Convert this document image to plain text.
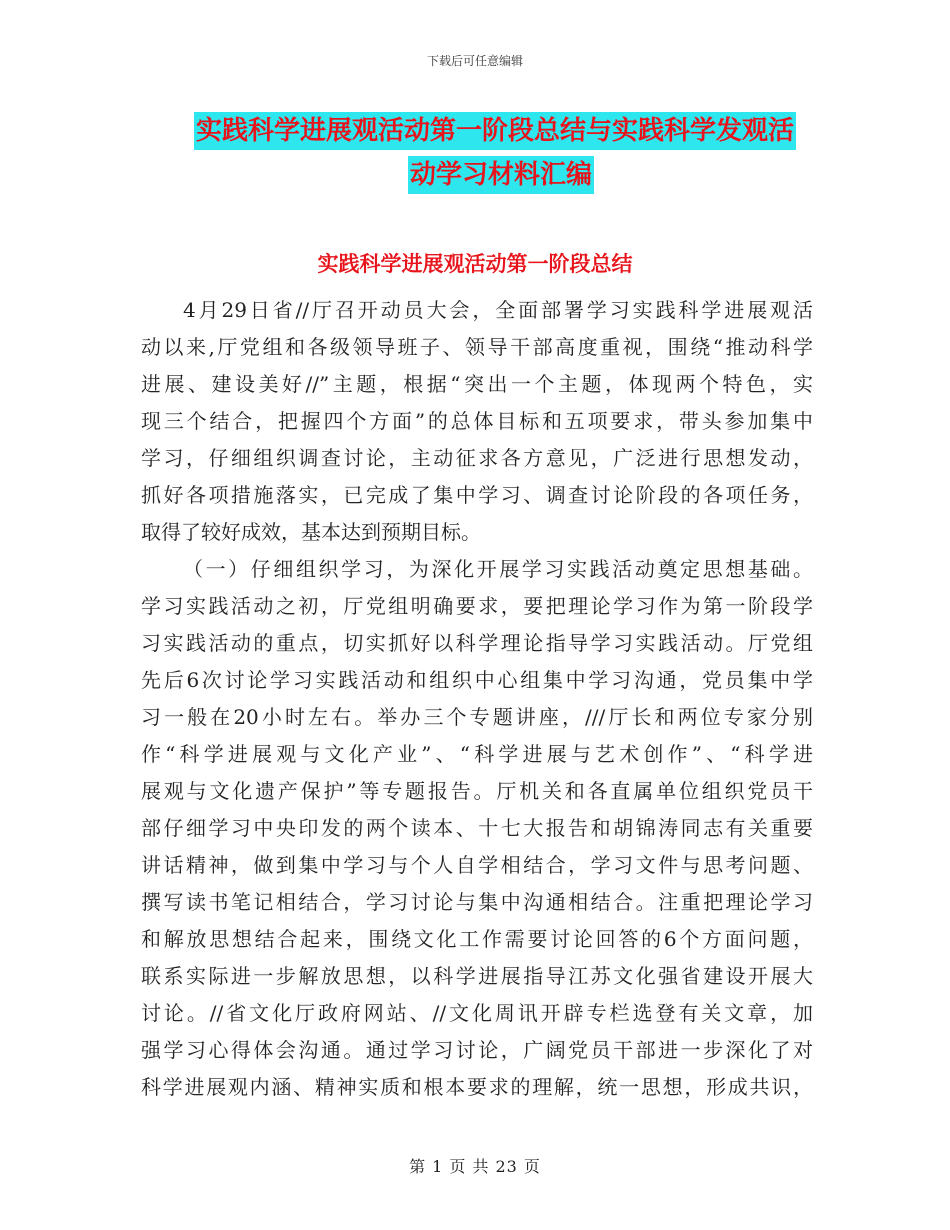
下载后可任意编辑
实践科学进展观活动第一阶段总结与实践科学发观活
动学习材料汇编
实践科学进展观活动第一阶段总结
4月29日省//厅召开动员大会，全面部署学习实践科学进展观活
动以来,厅党组和各级领导班子、领导干部高度重视，围绕“推动科学
进展、建设美好//”主题，根据“突出一个主题，体现两个特色，实
现三个结合，把握四个方面”的总体目标和五项要求，带头参加集中
学习，仔细组织调查讨论，主动征求各方意见，广泛进行思想发动，
抓好各项措施落实，已完成了集中学习、调查讨论阶段的各项任务，
取得了较好成效，基本达到预期目标。
（一）仔细组织学习，为深化开展学习实践活动奠定思想基础。
学习实践活动之初，厅党组明确要求，要把理论学习作为第一阶段学
习实践活动的重点，切实抓好以科学理论指导学习实践活动。厅党组
先后6次讨论学习实践活动和组织中心组集中学习沟通，党员集中学
习一般在20小时左右。举办三个专题讲座，///厅长和两位专家分别
作“科学进展观与文化产业”、“科学进展与艺术创作”、“科学进
展观与文化遗产保护”等专题报告。厅机关和各直属单位组织党员干
部仔细学习中央印发的两个读本、十七大报告和胡锦涛同志有关重要
讲话精神，做到集中学习与个人自学相结合，学习文件与思考问题、
撰写读书笔记相结合，学习讨论与集中沟通相结合。注重把理论学习
和解放思想结合起来，围绕文化工作需要讨论回答的6个方面问题，
联系实际进一步解放思想，以科学进展指导江苏文化强省建设开展大
讨论。//省文化厅政府网站、//文化周讯开辟专栏选登有关文章，加
强学习心得体会沟通。通过学习讨论，广阔党员干部进一步深化了对
科学进展观内涵、精神实质和根本要求的理解，统一思想，形成共识，
第 1 页 共 23 页
